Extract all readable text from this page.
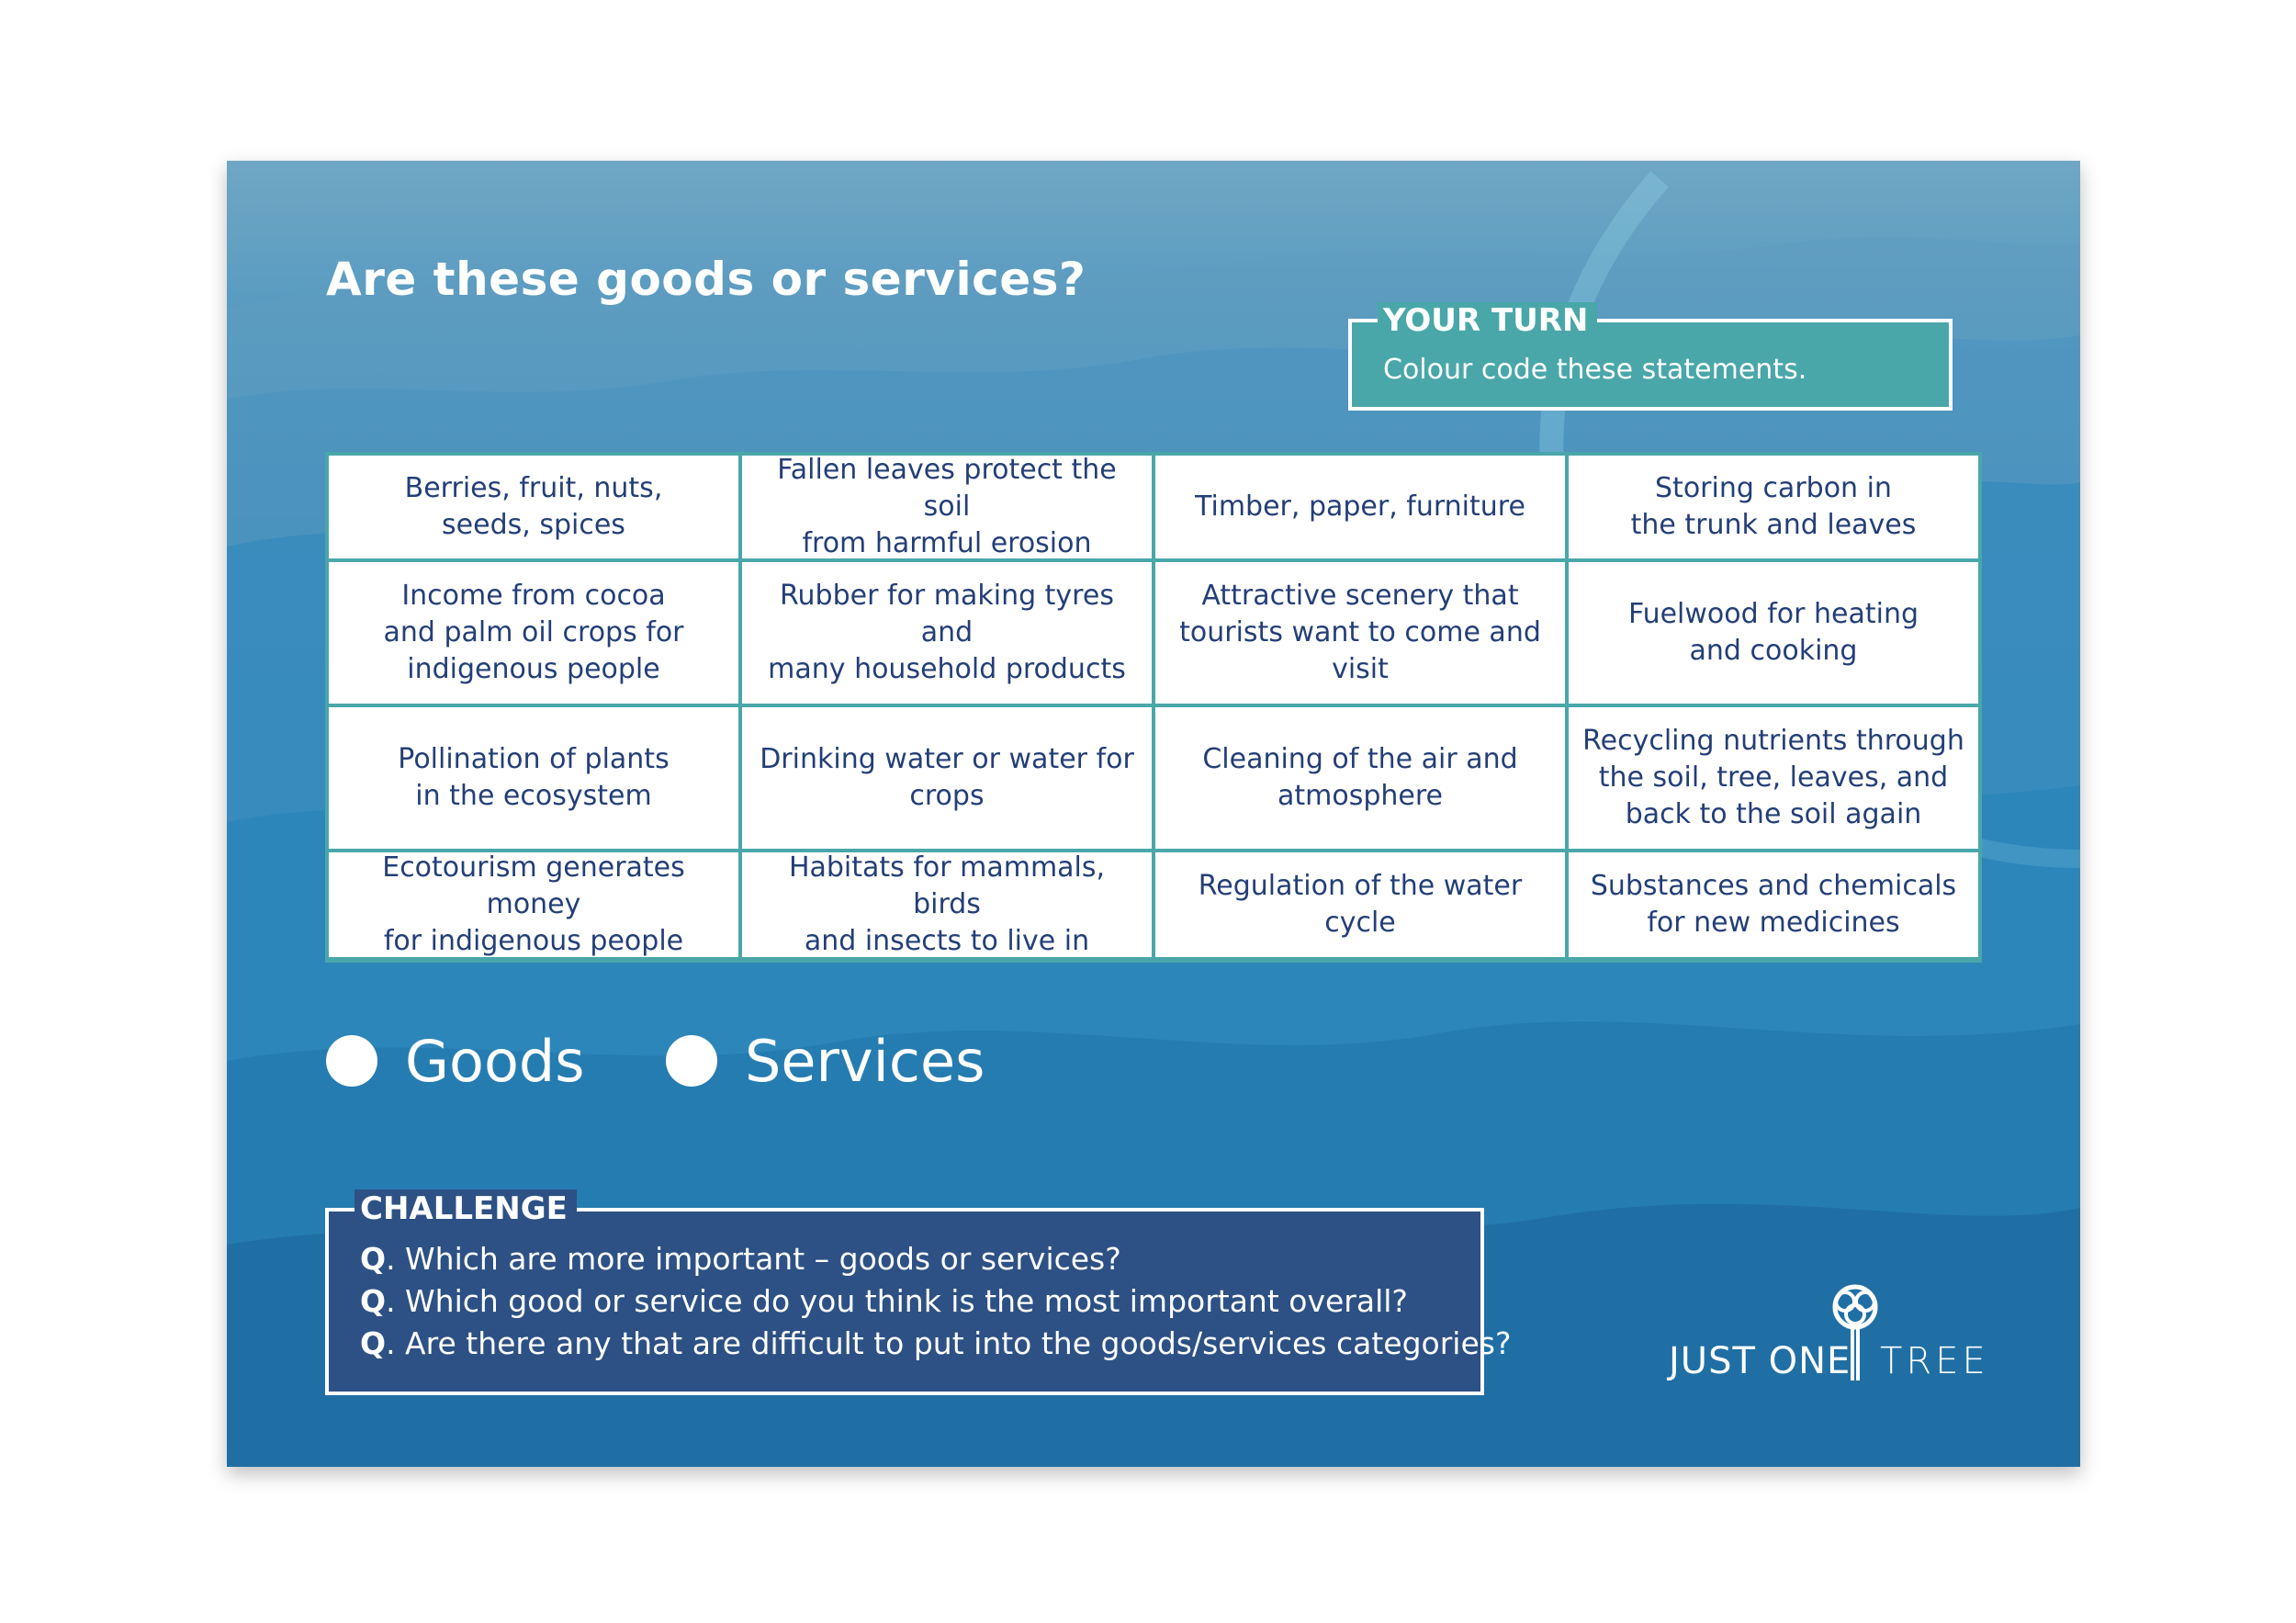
Are these goods or services?
YOUR TURN
Colour code these statements.
Berries, fruit, nuts,
seeds, spices
Fallen leaves protect the soil
from harmful erosion
Timber, paper, furniture
Storing carbon in
the trunk and leaves
Income from cocoa
and palm oil crops for
indigenous people
Rubber for making tyres and
many household products
Attractive scenery that
tourists want to come and
visit
Fuelwood for heating
and cooking
Pollination of plants
in the ecosystem
Drinking water or water for
crops
Cleaning of the air and
atmosphere
Recycling nutrients through
the soil, tree, leaves, and
back to the soil again
Ecotourism generates money
for indigenous people
Habitats for mammals, birds
and insects to live in
Regulation of the water cycle
Substances and chemicals
for new medicines
Goods	Services
CHALLENGE
Q. Which are more important – goods or services?
Q. Which good or service do you think is the most important overall?
Q. Are there any that are difficult to put into the goods/services categories?	JUST ONE TREE
